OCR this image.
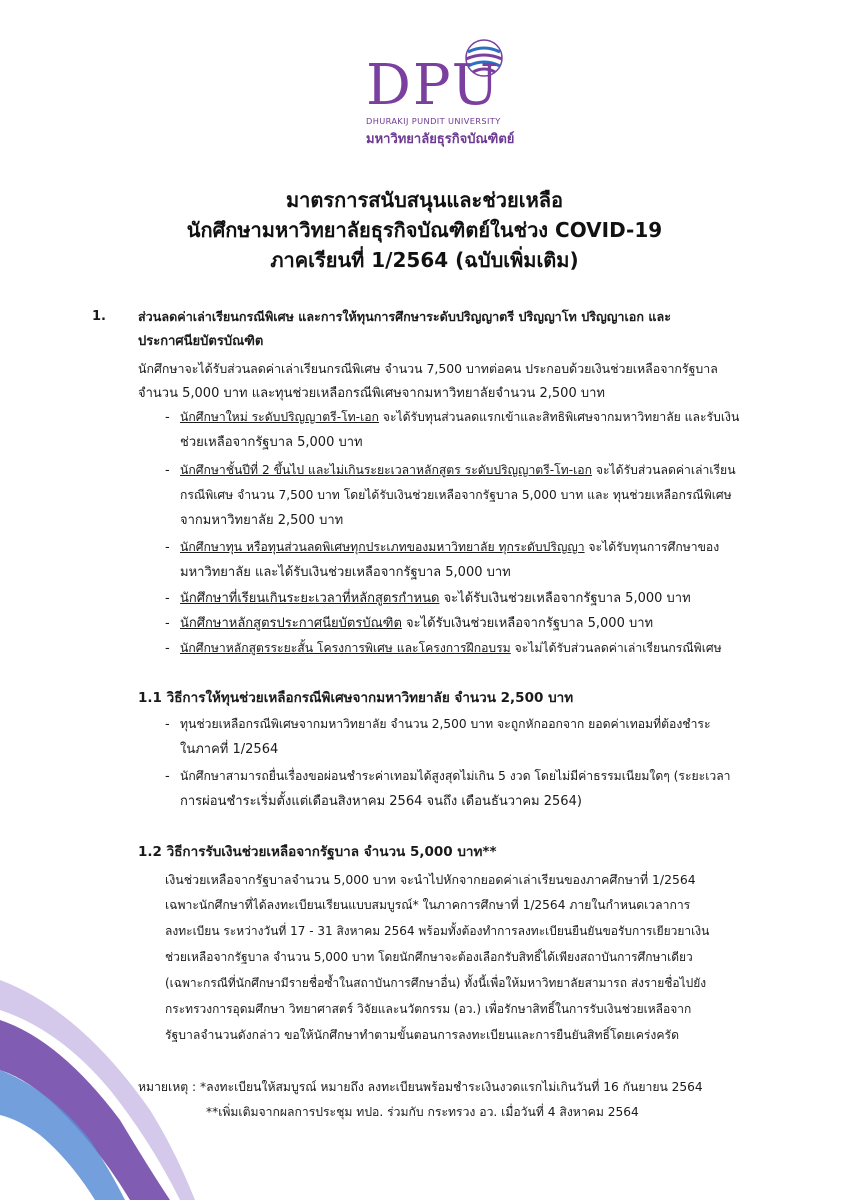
DPU
DHURAKIJ PUNDIT UNIVERSITY
มหาวิทยาลัยธุรกิจบัณฑิตย์
มาตรการสนับสนุนและช่วยเหลือ
นักศึกษามหาวิทยาลัยธุรกิจบัณฑิตย์ในช่วง COVID-19
ภาคเรียนที่ 1/2564 (ฉบับเพิ่มเติม)
1.	ส่วนลดค่าเล่าเรียนกรณีพิเศษ และการให้ทุนการศึกษาระดับปริญญาตรี ปริญญาโท ปริญญาเอก และ
ประกาศนียบัตรบัณฑิต
นักศึกษาจะได้รับส่วนลดค่าเล่าเรียนกรณีพิเศษ จำนวน 7,500 บาทต่อคน ประกอบด้วยเงินช่วยเหลือจากรัฐบาล
จำนวน 5,000 บาท และทุนช่วยเหลือกรณีพิเศษจากมหาวิทยาลัยจำนวน 2,500 บาท
- นักศึกษาใหม่ ระดับปริญญาตรี-โท-เอก จะได้รับทุนส่วนลดแรกเข้าและสิทธิพิเศษจากมหาวิทยาลัย และรับเงิน
ช่วยเหลือจากรัฐบาล 5,000 บาท
- นักศึกษาชั้นปีที่ 2 ขึ้นไป และไม่เกินระยะเวลาหลักสูตร ระดับปริญญาตรี-โท-เอก จะได้รับส่วนลดค่าเล่าเรียน
กรณีพิเศษ จำนวน 7,500 บาท โดยได้รับเงินช่วยเหลือจากรัฐบาล 5,000 บาท และ ทุนช่วยเหลือกรณีพิเศษ
จากมหาวิทยาลัย 2,500 บาท
- นักศึกษาทุน หรือทุนส่วนลดพิเศษทุกประเภทของมหาวิทยาลัย ทุกระดับปริญญา จะได้รับทุนการศึกษาของ
มหาวิทยาลัย และได้รับเงินช่วยเหลือจากรัฐบาล 5,000 บาท
- นักศึกษาที่เรียนเกินระยะเวลาที่หลักสูตรกำหนด จะได้รับเงินช่วยเหลือจากรัฐบาล 5,000 บาท
- นักศึกษาหลักสูตรประกาศนียบัตรบัณฑิต จะได้รับเงินช่วยเหลือจากรัฐบาล 5,000 บาท
- นักศึกษาหลักสูตรระยะสั้น โครงการพิเศษ และโครงการฝึกอบรม จะไม่ได้รับส่วนลดค่าเล่าเรียนกรณีพิเศษ
1.1 วิธีการให้ทุนช่วยเหลือกรณีพิเศษจากมหาวิทยาลัย จำนวน 2,500 บาท
- ทุนช่วยเหลือกรณีพิเศษจากมหาวิทยาลัย จำนวน 2,500 บาท จะถูกหักออกจาก ยอดค่าเทอมที่ต้องชำระ
ในภาคที่ 1/2564
- นักศึกษาสามารถยื่นเรื่องขอผ่อนชำระค่าเทอมได้สูงสุดไม่เกิน 5 งวด โดยไม่มีค่าธรรมเนียมใดๆ (ระยะเวลา
การผ่อนชำระเริ่มตั้งแต่เดือนสิงหาคม 2564 จนถึง เดือนธันวาคม 2564)
1.2 วิธีการรับเงินช่วยเหลือจากรัฐบาล จำนวน 5,000 บาท**
เงินช่วยเหลือจากรัฐบาลจำนวน 5,000 บาท จะนำไปหักจากยอดค่าเล่าเรียนของภาคศึกษาที่ 1/2564
เฉพาะนักศึกษาที่ได้ลงทะเบียนเรียนแบบสมบูรณ์* ในภาคการศึกษาที่ 1/2564 ภายในกำหนดเวลาการ
ลงทะเบียน ระหว่างวันที่ 17 - 31 สิงหาคม 2564 พร้อมทั้งต้องทำการลงทะเบียนยืนยันขอรับการเยียวยาเงิน
ช่วยเหลือจากรัฐบาล จำนวน 5,000 บาท โดยนักศึกษาจะต้องเลือกรับสิทธิ์ได้เพียงสถาบันการศึกษาเดียว
(เฉพาะกรณีที่นักศึกษามีรายชื่อซ้ำในสถาบันการศึกษาอื่น) ทั้งนี้เพื่อให้มหาวิทยาลัยสามารถ ส่งรายชื่อไปยัง
กระทรวงการอุดมศึกษา วิทยาศาสตร์ วิจัยและนวัตกรรม (อว.) เพื่อรักษาสิทธิ์ในการรับเงินช่วยเหลือจาก
รัฐบาลจำนวนดังกล่าว ขอให้นักศึกษาทำตามขั้นตอนการลงทะเบียนและการยืนยันสิทธิ์โดยเคร่งครัด
หมายเหตุ : *ลงทะเบียนให้สมบูรณ์ หมายถึง ลงทะเบียนพร้อมชำระเงินงวดแรกไม่เกินวันที่ 16 กันยายน 2564
**เพิ่มเติมจากผลการประชุม ทปอ. ร่วมกับ กระทรวง อว. เมื่อวันที่ 4 สิงหาคม 2564
